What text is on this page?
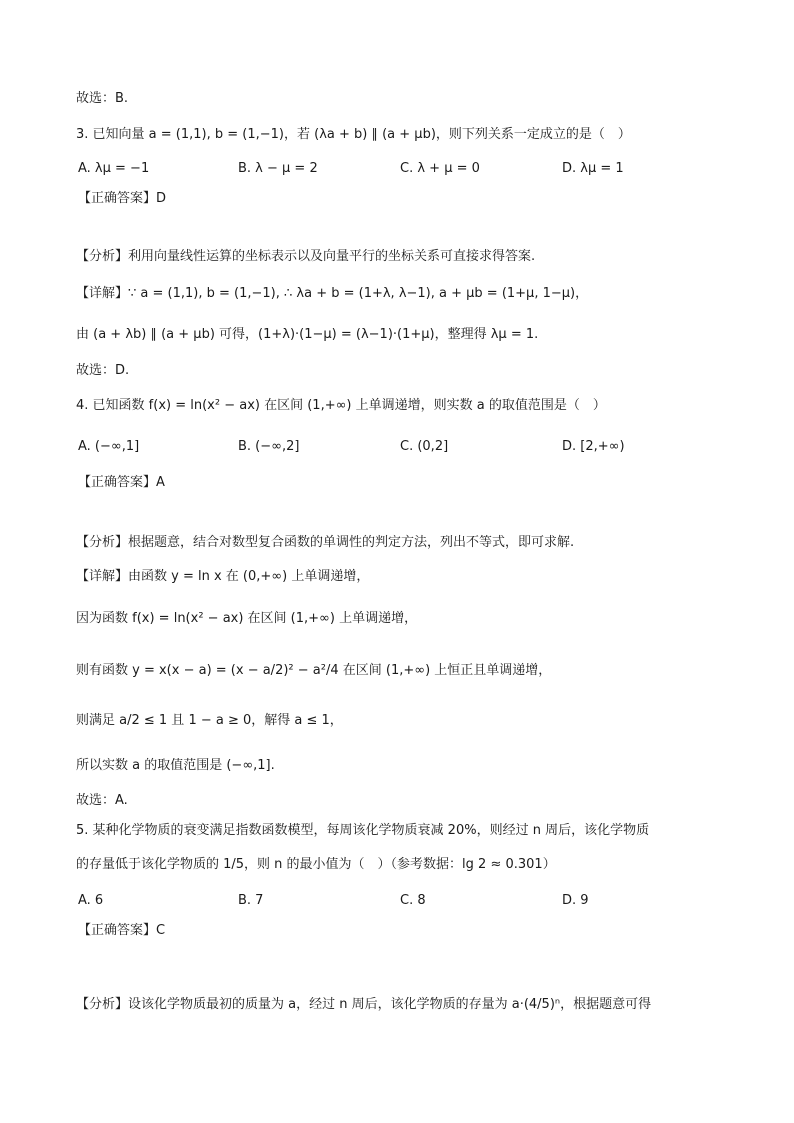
故选：B.
3. 已知向量 a = (1,1), b = (1,−1)，若 (λa + b) ∥ (a + μb)，则下列关系一定成立的是（　）
A. λμ = −1	B. λ − μ = 2	C. λ + μ = 0	D. λμ = 1
【正确答案】D
【分析】利用向量线性运算的坐标表示以及向量平行的坐标关系可直接求得答案.
【详解】∵ a = (1,1), b = (1,−1), ∴ λa + b = (1+λ, λ−1), a + μb = (1+μ, 1−μ)，
由 (a + λb) ∥ (a + μb) 可得，(1+λ)·(1−μ) = (λ−1)·(1+μ)，整理得 λμ = 1.
故选：D.
4. 已知函数 f(x) = ln(x² − ax) 在区间 (1,+∞) 上单调递增，则实数 a 的取值范围是（　）
A. (−∞,1]	B. (−∞,2]	C. (0,2]	D. [2,+∞)
【正确答案】A
【分析】根据题意，结合对数型复合函数的单调性的判定方法，列出不等式，即可求解.
【详解】由函数 y = ln x 在 (0,+∞) 上单调递增，
因为函数 f(x) = ln(x² − ax) 在区间 (1,+∞) 上单调递增，
则有函数 y = x(x − a) = (x − a/2)² − a²/4 在区间 (1,+∞) 上恒正且单调递增，
则满足 a/2 ≤ 1 且 1 − a ≥ 0，解得 a ≤ 1，
所以实数 a 的取值范围是 (−∞,1].
故选：A.
5. 某种化学物质的衰变满足指数函数模型，每周该化学物质衰减 20%，则经过 n 周后，该化学物质
的存量低于该化学物质的 1/5，则 n 的最小值为（　）（参考数据：lg 2 ≈ 0.301）
A. 6	B. 7	C. 8	D. 9
【正确答案】C
【分析】设该化学物质最初的质量为 a，经过 n 周后，该化学物质的存量为 a·(4/5)ⁿ，根据题意可得
